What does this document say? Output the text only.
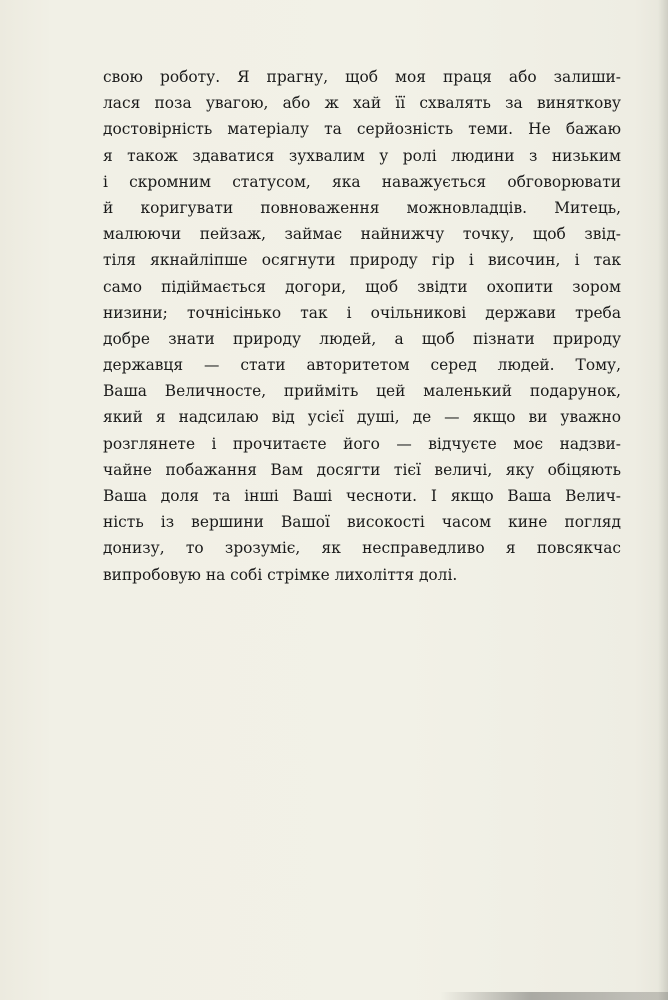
свою роботу. Я прагну, щоб моя праця або залиши-
лася поза увагою, або ж хай її схвалять за виняткову
достовірність матеріалу та серйозність теми. Не бажаю
я також здаватися зухвалим у ролі людини з низьким
і скромним статусом, яка наважується обговорювати
й коригувати повноваження можновладців. Митець,
малюючи пейзаж, займає найнижчу точку, щоб звід-
тіля якнайліпше осягнути природу гір і височин, і так
само підіймається догори, щоб звідти охопити зором
низини; точнісінько так і очільникові держави треба
добре знати природу людей, а щоб пізнати природу
державця — стати авторитетом серед людей. Тому,
Ваша Величносте, прийміть цей маленький подарунок,
який я надсилаю від усієї душі, де — якщо ви уважно
розглянете і прочитаєте його — відчуєте моє надзви-
чайне побажання Вам досягти тієї величі, яку обіцяють
Ваша доля та інші Ваші чесноти. І якщо Ваша Велич-
ність із вершини Вашої високості часом кине погляд
донизу, то зрозуміє, як несправедливо я повсякчас
випробовую на собі стрімке лихоліття долі.
